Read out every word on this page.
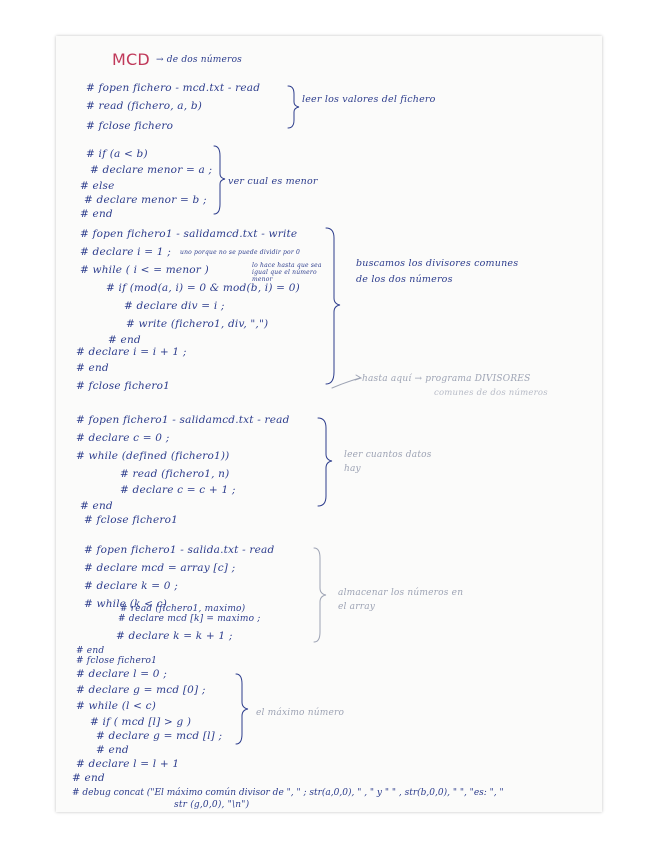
MCD → de dos números
# fopen fichero - mcd.txt - read
# read (fichero, a, b)
# fclose fichero
leer los valores del fichero
# if (a < b)
# declare menor = a ;
# else
# declare menor = b ;
# end
ver cual es menor
# fopen fichero1 - salidamcd.txt - write
# declare i = 1 ; uno porque no se puede dividir por 0
# while ( i < = menor )	lo hace hasta que sea igual que el número menor
# if (mod(a, i) = 0 & mod(b, i) = 0)
# declare div = i ;
# write (fichero1, div, ",")
# end
# declare i = i + 1 ;
# end
# fclose fichero1
buscamos los divisores comunes
de los dos números
hasta aquí → programa DIVISORES
comunes de dos números
# fopen fichero1 - salidamcd.txt - read
# declare c = 0 ;
# while (defined (fichero1))
# read (fichero1, n)
# declare c = c + 1 ;
# end
# fclose fichero1
leer cuantos datos
hay
# fopen fichero1 - salida.txt - read
# declare mcd = array [c] ;
# declare k = 0 ;
# while (k < c)
# read (fichero1, maximo)
# declare mcd [k] = maximo ;
# declare k = k + 1 ;
# end
# fclose fichero1
almacenar los números en
el array
# declare l = 0 ;
# declare g = mcd [0] ;
# while (l < c)
# if ( mcd [l] > g )
# declare g = mcd [l] ;
# end
# declare l = l + 1
# end
el máximo número
# debug concat ("El máximo común divisor de ", " ; str(a,0,0), " , " y " " , str(b,0,0), " ", "es: ", "
str (g,0,0), "\n")
